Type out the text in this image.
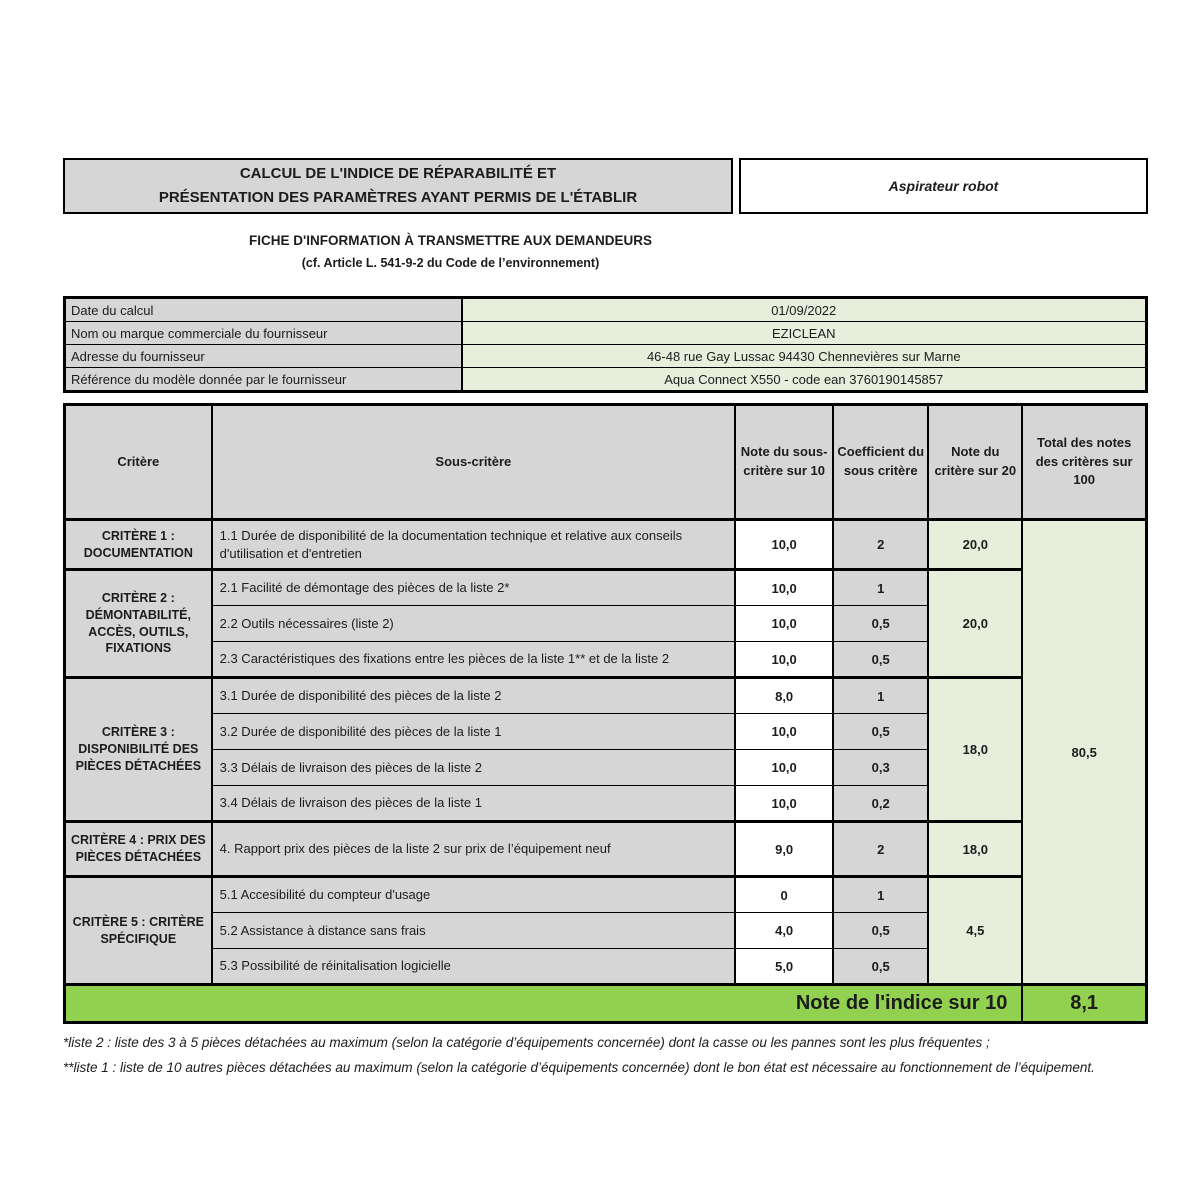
CALCUL DE L'INDICE DE RÉPARABILITÉ ET
PRÉSENTATION DES PARAMÈTRES AYANT PERMIS DE L'ÉTABLIR
Aspirateur robot
FICHE D'INFORMATION À TRANSMETTRE AUX DEMANDEURS
(cf. Article L. 541-9-2 du Code de l’environnement)
Date du calcul	01/09/2022
Nom ou marque commerciale du fournisseur	EZICLEAN
Adresse du fournisseur	46-48 rue Gay Lussac 94430 Chennevières sur Marne
Référence du modèle donnée par le fournisseur	Aqua Connect X550 - code ean 3760190145857
Critère	Sous-critère	Note du sous-critère sur 10	Coefficient du sous critère	Note du critère sur 20	Total des notes des critères sur 100
CRITÈRE 1 : DOCUMENTATION	1.1 Durée de disponibilité de la documentation technique et relative aux conseils d'utilisation et d'entretien	10,0	2	20,0	80,5
CRITÈRE 2 : DÉMONTABILITÉ, ACCÈS, OUTILS, FIXATIONS	2.1 Facilité de démontage des pièces de la liste 2*	10,0	1	20,0	
	2.2 Outils nécessaires (liste 2)	10,0	0,5		
	2.3 Caractéristiques des fixations entre les pièces de la liste 1** et de la liste 2	10,0	0,5		
CRITÈRE 3 : DISPONIBILITÉ DES PIÈCES DÉTACHÉES	3.1 Durée de disponibilité des pièces de la liste 2	8,0	1	18,0	
	3.2 Durée de disponibilité des pièces de la liste 1	10,0	0,5		
	3.3 Délais de livraison des pièces de la liste 2	10,0	0,3		
	3.4 Délais de livraison des pièces de la liste 1	10,0	0,2		
CRITÈRE 4 : PRIX DES PIÈCES DÉTACHÉES	4. Rapport prix des pièces de la liste 2 sur prix de l’équipement neuf	9,0	2	18,0	
CRITÈRE 5 : CRITÈRE SPÉCIFIQUE	5.1 Accesibilité du compteur d'usage	0	1	4,5	
	5.2 Assistance à distance sans frais	4,0	0,5		
	5.3 Possibilité de réinitalisation logicielle	5,0	0,5		
Note de l'indice sur 10					8,1

*liste 2 : liste des 3 à 5 pièces détachées au maximum (selon la catégorie d’équipements concernée) dont la casse ou les pannes sont les plus fréquentes ;

**liste 1 : liste de 10 autres pièces détachées au maximum (selon la catégorie d’équipements concernée) dont le bon état est nécessaire au fonctionnement de l’équipement.
